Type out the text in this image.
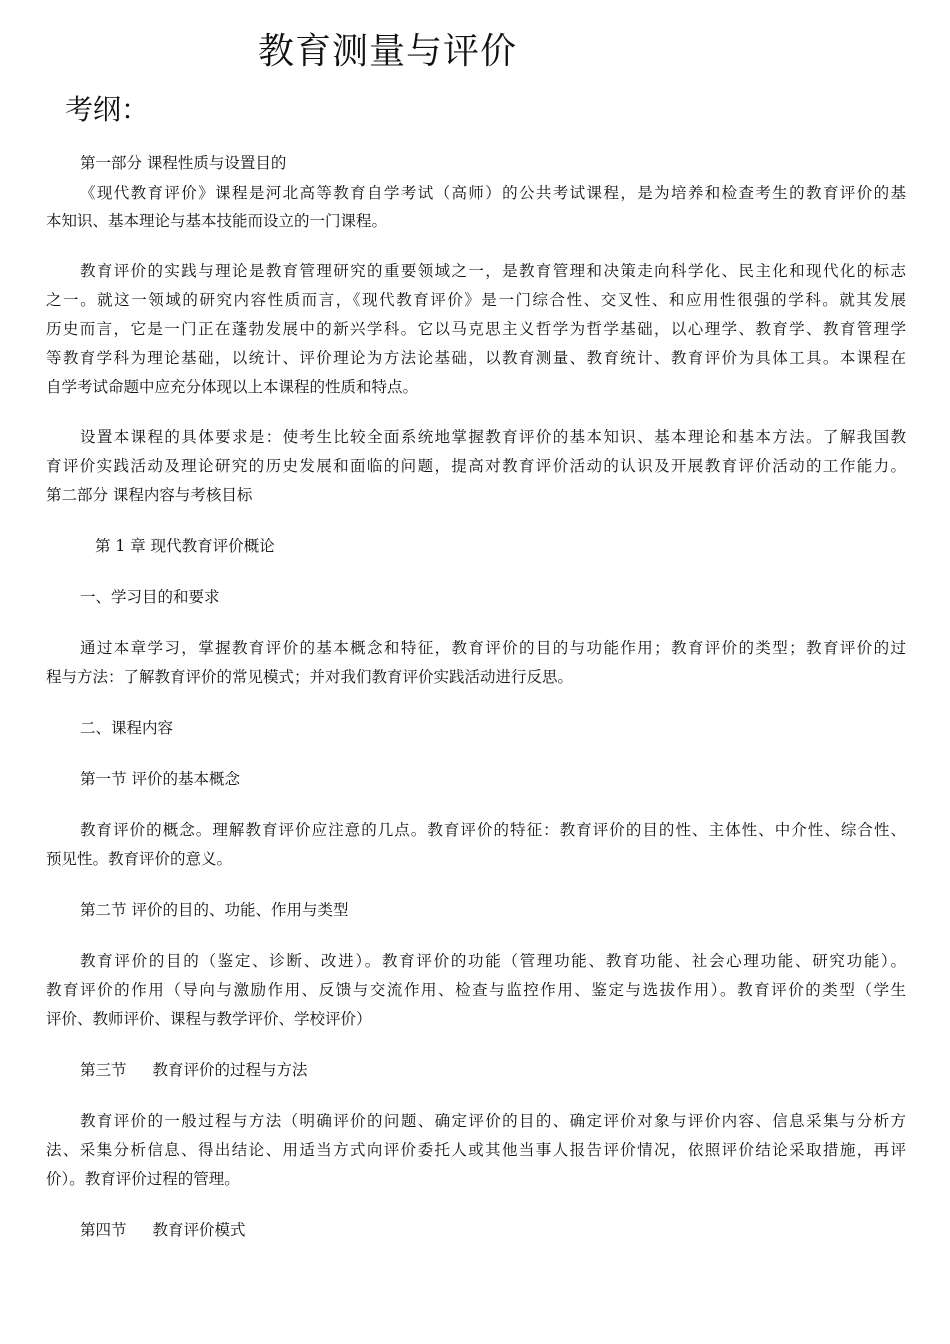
教育测量与评价
考纲：
第一部分 课程性质与设置目的
《现代教育评价》课程是河北高等教育自学考试（高师）的公共考试课程，是为培养和检查考生的教育评价的基
本知识、基本理论与基本技能而设立的一门课程。
教育评价的实践与理论是教育管理研究的重要领域之一，是教育管理和决策走向科学化、民主化和现代化的标志
之一。就这一领域的研究内容性质而言，《现代教育评价》是一门综合性、交叉性、和应用性很强的学科。就其发展
历史而言，它是一门正在蓬勃发展中的新兴学科。它以马克思主义哲学为哲学基础，以心理学、教育学、教育管理学
等教育学科为理论基础，以统计、评价理论为方法论基础，以教育测量、教育统计、教育评价为具体工具。本课程在
自学考试命题中应充分体现以上本课程的性质和特点。
设置本课程的具体要求是：使考生比较全面系统地掌握教育评价的基本知识、基本理论和基本方法。了解我国教
育评价实践活动及理论研究的历史发展和面临的问题，提高对教育评价活动的认识及开展教育评价活动的工作能力。
第二部分 课程内容与考核目标
第 1 章 现代教育评价概论
一、学习目的和要求
通过本章学习，掌握教育评价的基本概念和特征，教育评价的目的与功能作用；教育评价的类型；教育评价的过
程与方法：了解教育评价的常见模式；并对我们教育评价实践活动进行反思。
二、课程内容
第一节 评价的基本概念
教育评价的概念。理解教育评价应注意的几点。教育评价的特征：教育评价的目的性、主体性、中介性、综合性、
预见性。教育评价的意义。
第二节 评价的目的、功能、作用与类型
教育评价的目的（鉴定、诊断、改进）。教育评价的功能（管理功能、教育功能、社会心理功能、研究功能）。
教育评价的作用（导向与激励作用、反馈与交流作用、检查与监控作用、鉴定与选拔作用）。教育评价的类型（学生
评价、教师评价、课程与教学评价、学校评价）
第三节 教育评价的过程与方法
教育评价的一般过程与方法（明确评价的问题、确定评价的目的、确定评价对象与评价内容、信息采集与分析方
法、采集分析信息、得出结论、用适当方式向评价委托人或其他当事人报告评价情况，依照评价结论采取措施，再评
价）。教育评价过程的管理。
第四节 教育评价模式
